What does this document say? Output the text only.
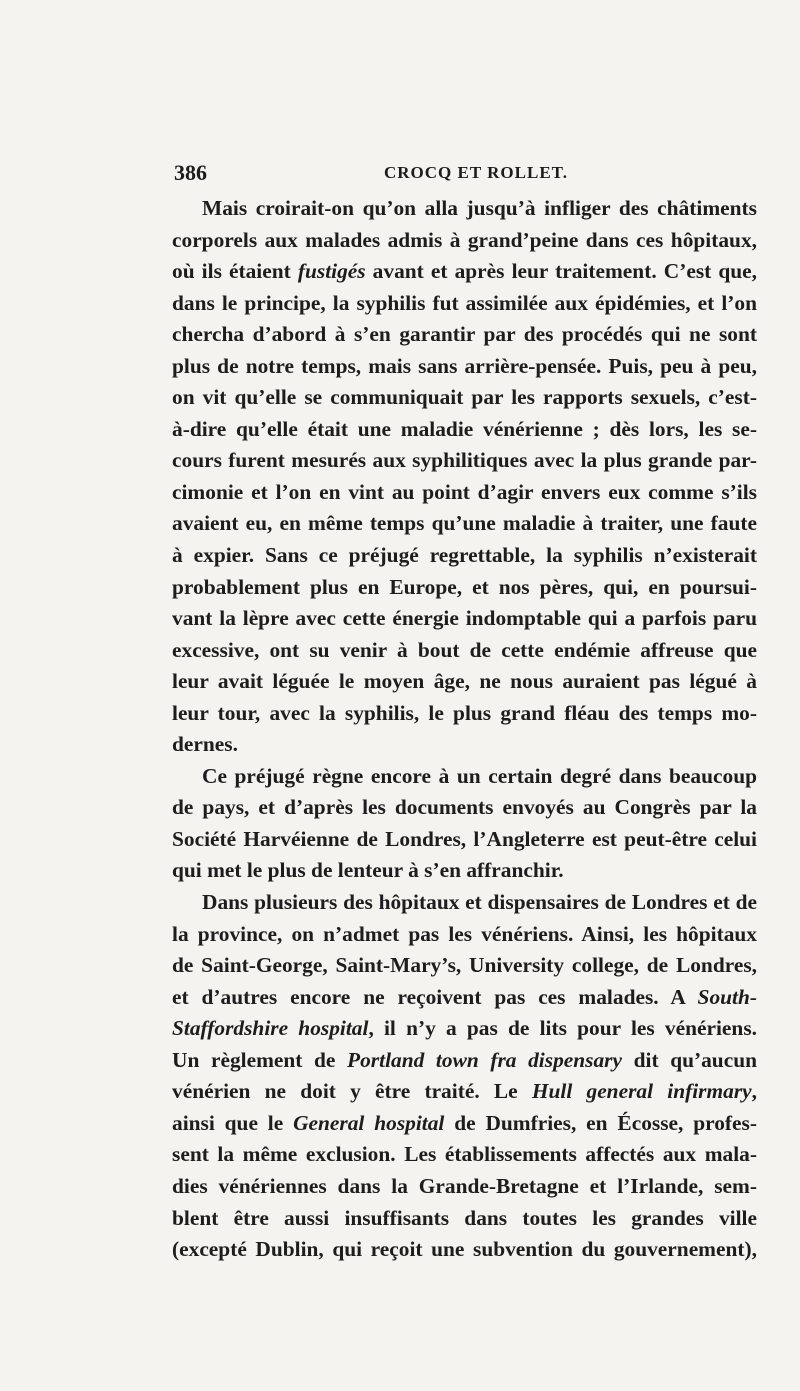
386	CROCQ ET ROLLET.
Mais croirait-on qu’on alla jusqu’à infliger des châtiments
corporels aux malades admis à grand’peine dans ces hôpitaux,
où ils étaient fustigés avant et après leur traitement. C’est que,
dans le principe, la syphilis fut assimilée aux épidémies, et l’on
chercha d’abord à s’en garantir par des procédés qui ne sont
plus de notre temps, mais sans arrière-pensée. Puis, peu à peu,
on vit qu’elle se communiquait par les rapports sexuels, c’est-
à-dire qu’elle était une maladie vénérienne ; dès lors, les se-
cours furent mesurés aux syphilitiques avec la plus grande par-
cimonie et l’on en vint au point d’agir envers eux comme s’ils
avaient eu, en même temps qu’une maladie à traiter, une faute
à expier. Sans ce préjugé regrettable, la syphilis n’existerait
probablement plus en Europe, et nos pères, qui, en poursui-
vant la lèpre avec cette énergie indomptable qui a parfois paru
excessive, ont su venir à bout de cette endémie affreuse que
leur avait léguée le moyen âge, ne nous auraient pas légué à
leur tour, avec la syphilis, le plus grand fléau des temps mo-
dernes.
Ce préjugé règne encore à un certain degré dans beaucoup
de pays, et d’après les documents envoyés au Congrès par la
Société Harvéienne de Londres, l’Angleterre est peut-être celui
qui met le plus de lenteur à s’en affranchir.
Dans plusieurs des hôpitaux et dispensaires de Londres et de
la province, on n’admet pas les vénériens. Ainsi, les hôpitaux
de Saint-George, Saint-Mary’s, University college, de Londres,
et d’autres encore ne reçoivent pas ces malades. A South-
Staffordshire hospital, il n’y a pas de lits pour les vénériens.
Un règlement de Portland town fra dispensary dit qu’aucun
vénérien ne doit y être traité. Le Hull general infirmary,
ainsi que le General hospital de Dumfries, en Écosse, profes-
sent la même exclusion. Les établissements affectés aux mala-
dies vénériennes dans la Grande-Bretagne et l’Irlande, sem-
blent être aussi insuffisants dans toutes les grandes ville
(excepté Dublin, qui reçoit une subvention du gouvernement),
